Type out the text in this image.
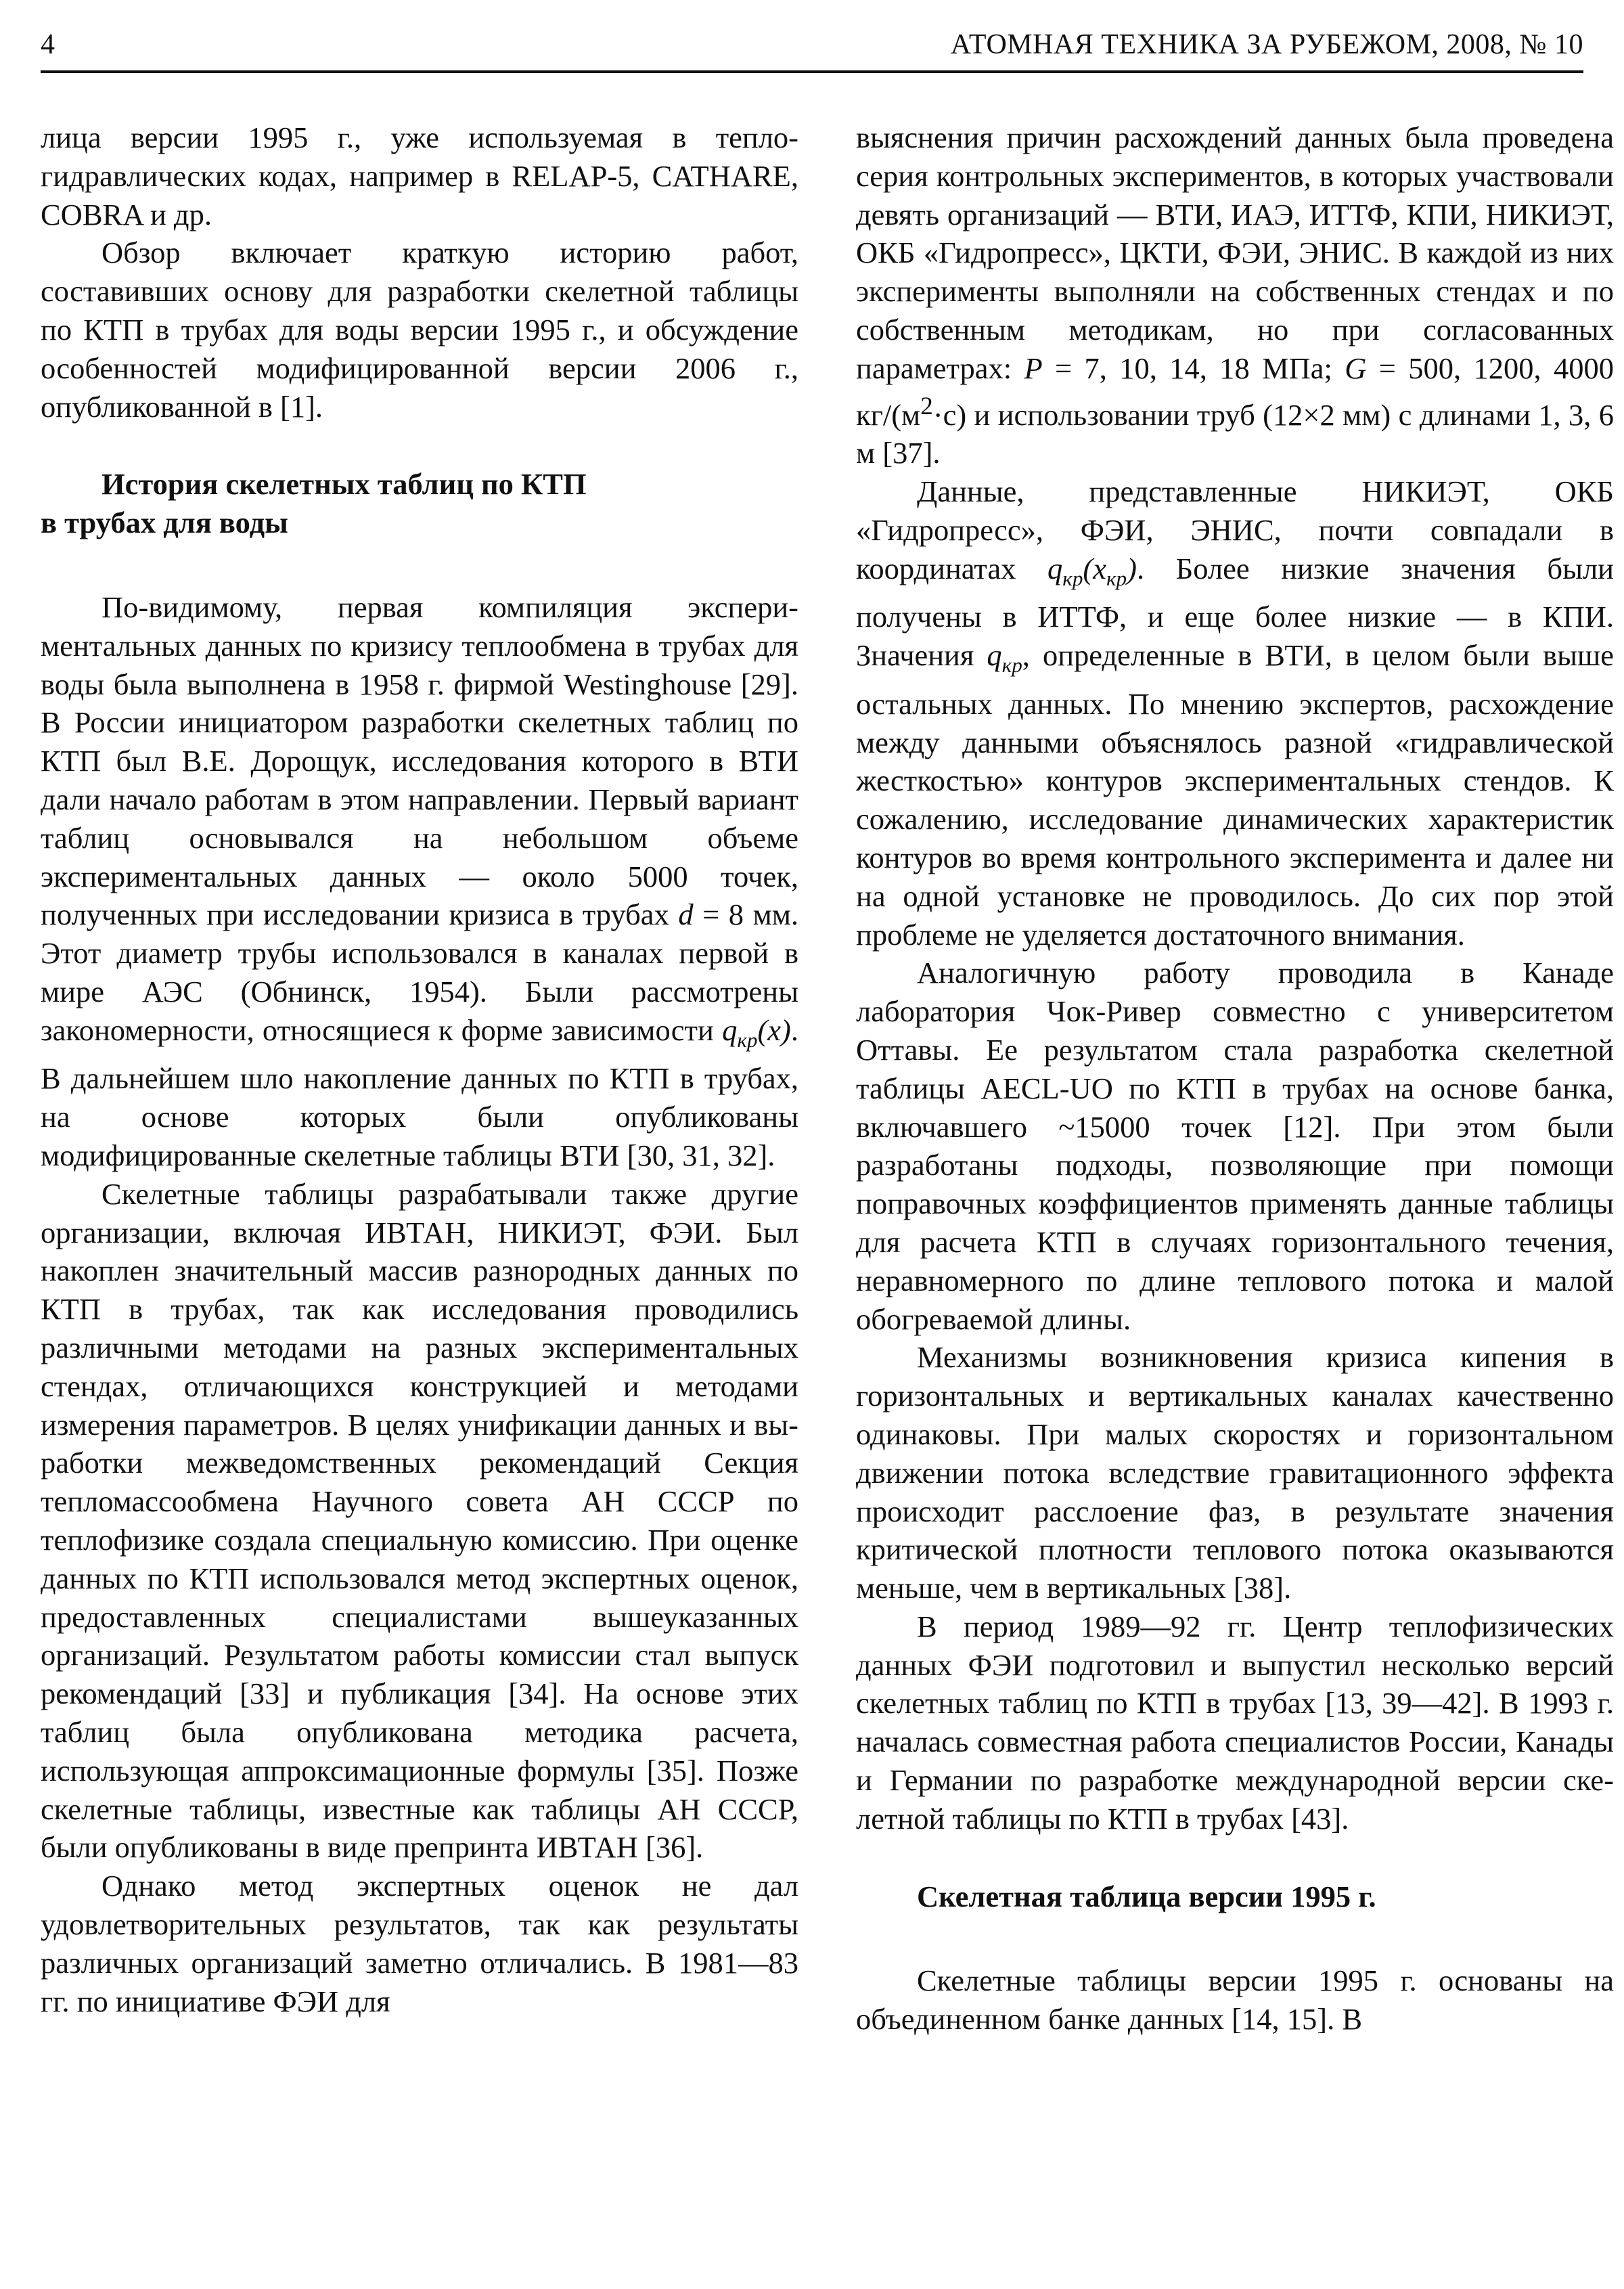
4	АТОМНАЯ ТЕХНИКА ЗА РУБЕЖОМ, 2008, № 10

лица версии 1995 г., уже используемая в теплогидравлических кодах, например в RELAP-5, CATHARE, COBRA и др.

Обзор включает краткую историю работ, составивших основу для разработки скелетной таблицы по КТП в трубах для воды версии 1995 г., и обсуждение особенностей модифицированной версии 2006 г., опубликованной в [1].

История скелетных таблиц по КТП
в трубах для воды

По-видимому, первая компиляция экспериментальных данных по кризису теплообмена в трубах для воды была выполнена в 1958 г. фирмой Westinghouse [29]. В России инициатором разработки скелетных таблиц по КТП был В.Е. Дорощук, исследования которого в ВТИ дали начало работам в этом направлении. Первый вариант таблиц основывался на небольшом объеме экспериментальных данных — около 5000 точек, полученных при исследовании кризиса в трубах d = 8 мм. Этот диаметр трубы использовался в каналах первой в мире АЭС (Обнинск, 1954). Были рассмотрены закономерности, относящиеся к форме зависимости $q_{кр}(x)$. В дальнейшем шло накопление данных по КТП в трубах, на основе которых были опубликованы модифицированные скелетные таблицы ВТИ [30, 31, 32].

Скелетные таблицы разрабатывали также другие организации, включая ИВТАН, НИКИЭТ, ФЭИ. Был накоплен значительный массив разнородных данных по КТП в трубах, так как исследования проводились различными методами на разных экспериментальных стендах, отличающихся конструкцией и методами измерения параметров. В целях унификации данных и выработки межведомственных рекомендаций Секция тепломассообмена Научного совета АН СССР по теплофизике создала специальную комиссию. При оценке данных по КТП использовался метод экспертных оценок, предоставленных специалистами вышеуказанных организаций. Результатом работы комиссии стал выпуск рекомендаций [33] и публикация [34]. На основе этих таблиц была опубликована методика расчета, использующая аппроксимационные формулы [35]. Позже скелетные таблицы, известные как таблицы АН СССР, были опубликованы в виде препринта ИВТАН [36].

Однако метод экспертных оценок не дал удовлетворительных результатов, так как результаты различных организаций заметно отличались. В 1981—83 гг. по инициативе ФЭИ для

выяснения причин расхождений данных была проведена серия контрольных экспериментов, в которых участвовали девять организаций — ВТИ, ИАЭ, ИТТФ, КПИ, НИКИЭТ, ОКБ «Гидропресс», ЦКТИ, ФЭИ, ЭНИС. В каждой из них эксперименты выполняли на собственных стендах и по собственным методикам, но при согласованных параметрах: P = 7, 10, 14, 18 МПа; G = 500, 1200, 4000 $кг/(м^2\cdot с)$ и использовании труб (12×2 мм) с длинами 1, 3, 6 м [37].

Данные, представленные НИКИЭТ, ОКБ «Гидропресс», ФЭИ, ЭНИС, почти совпадали в координатах $q_{кр}(x_{кр})$. Более низкие значения были получены в ИТТФ, и еще более низкие — в КПИ. Значения $q_{кр}$, определенные в ВТИ, в целом были выше остальных данных. По мнению экспертов, расхождение между данными объяснялось разной «гидравлической жесткостью» контуров экспериментальных стендов. К сожалению, исследование динамических характеристик контуров во время контрольного эксперимента и далее ни на одной установке не проводилось. До сих пор этой проблеме не уделяется достаточного внимания.

Аналогичную работу проводила в Канаде лаборатория Чок-Ривер совместно с университетом Оттавы. Ее результатом стала разработка скелетной таблицы AECL-UO по КТП в трубах на основе банка, включавшего ~15000 точек [12]. При этом были разработаны подходы, позволяющие при помощи поправочных коэффициентов применять данные таблицы для расчета КТП в случаях горизонтального течения, неравномерного по длине теплового потока и малой обогреваемой длины.

Механизмы возникновения кризиса кипения в горизонтальных и вертикальных каналах качественно одинаковы. При малых скоростях и горизонтальном движении потока вследствие гравитационного эффекта происходит расслоение фаз, в результате значения критической плотности теплового потока оказываются меньше, чем в вертикальных [38].

В период 1989—92 гг. Центр теплофизических данных ФЭИ подготовил и выпустил несколько версий скелетных таблиц по КТП в трубах [13, 39—42]. В 1993 г. началась совместная работа специалистов России, Канады и Германии по разработке международной версии скелетной таблицы по КТП в трубах [43].

Скелетная таблица версии 1995 г.

Скелетные таблицы версии 1995 г. основаны на объединенном банке данных [14, 15]. В
